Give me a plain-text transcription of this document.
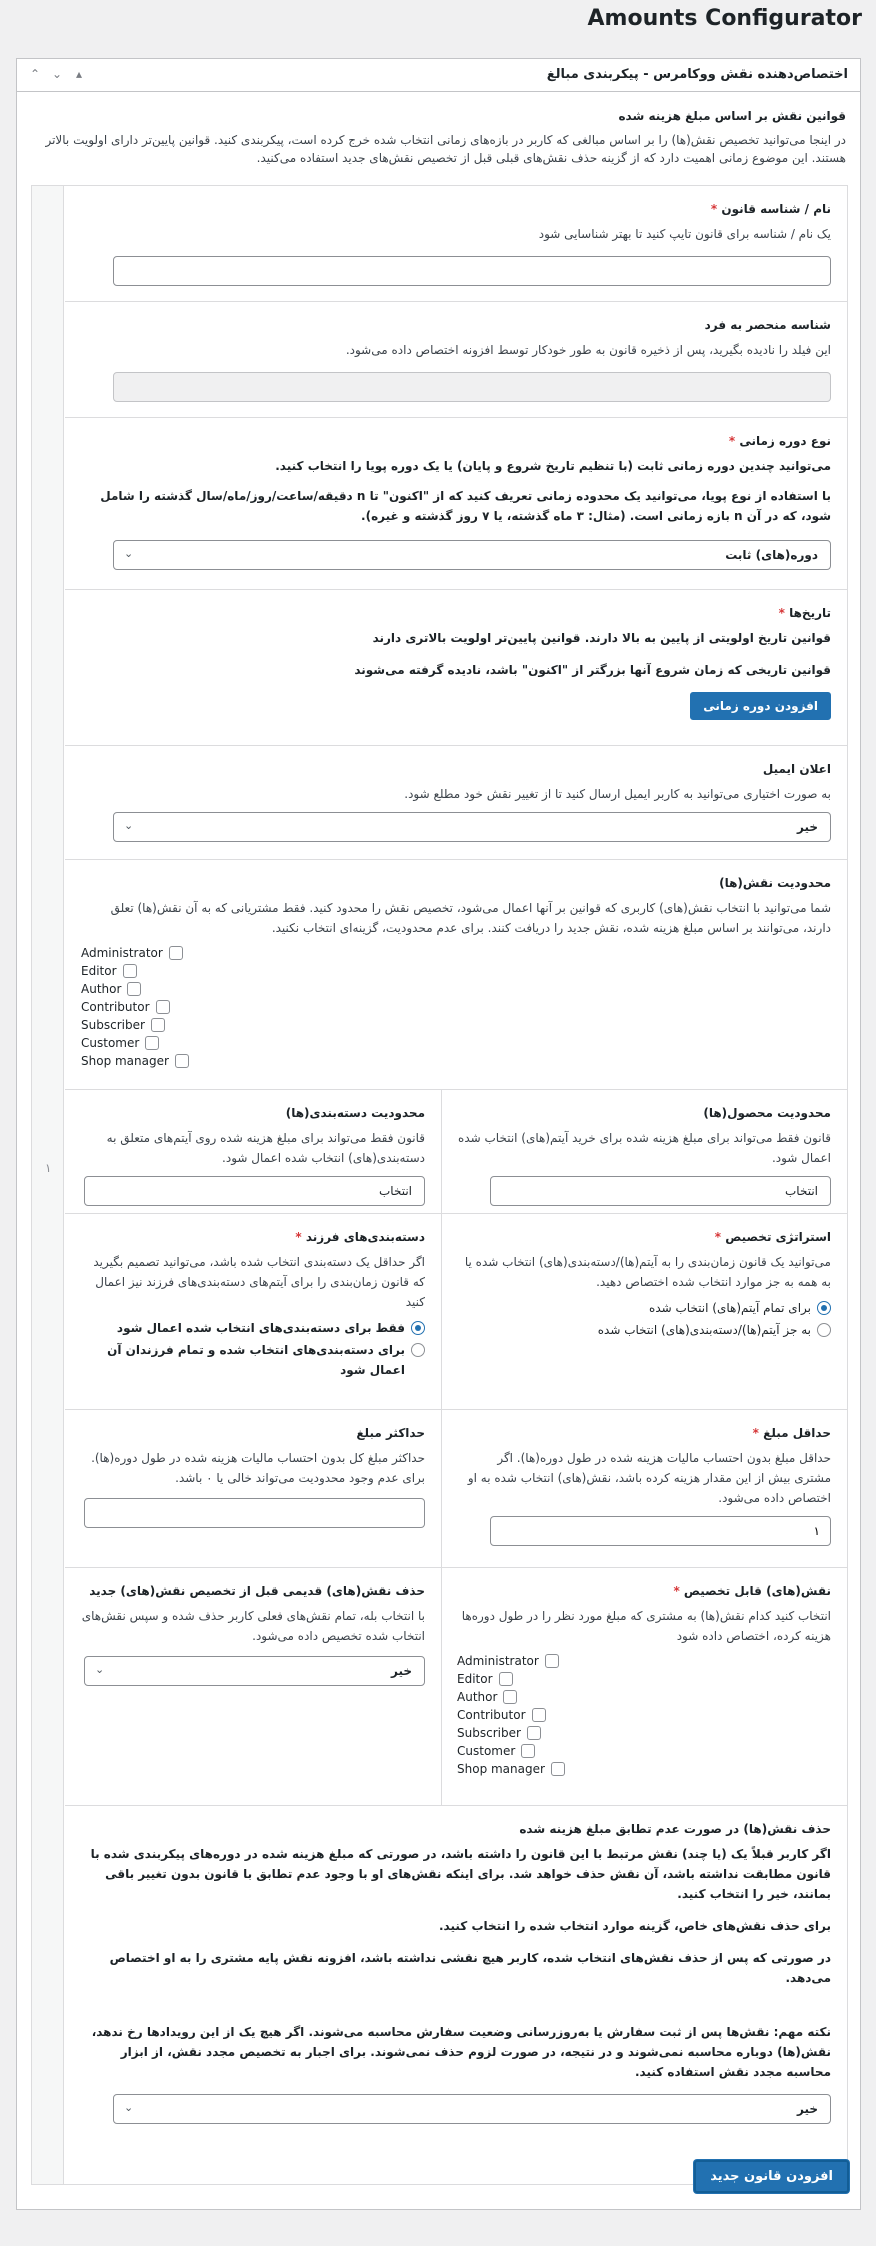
Amounts Configurator
⌃ ⌄	▴	اختصاص‌دهنده نقش ووکامرس - پیکربندی مبالغ
قوانین نقش بر اساس مبلغ هزینه شده
در اینجا می‌توانید تخصیص نقش(ها) را بر اساس مبالغی که کاربر در بازه‌های زمانی انتخاب شده خرج کرده است، پیکربندی کنید. قوانین پایین‌تر دارای اولویت بالاتر هستند. این موضوع زمانی اهمیت دارد که از گزینه حذف نقش‌های قبلی قبل از تخصیص نقش‌های جدید استفاده می‌کنید.
۱
نام / شناسه قانون *
یک نام / شناسه برای قانون تایپ کنید تا بهتر شناسایی شود
شناسه منحصر به فرد
این فیلد را نادیده بگیرید، پس از ذخیره قانون به طور خودکار توسط افزونه اختصاص داده می‌شود.
نوع دوره زمانی *
می‌توانید چندین دوره زمانی ثابت (با تنظیم تاریخ شروع و پایان) یا یک دوره پویا را انتخاب کنید.
با استفاده از نوع پویا، می‌توانید یک محدوده زمانی تعریف کنید که از "اکنون" تا n دقیقه/ساعت/روز/ماه/سال گذشته را شامل شود، که در آن n بازه زمانی است. (مثال: ۳ ماه گذشته، یا ۷ روز گذشته و غیره).
دوره(های) ثابت
⌄
تاریخ‌ها *
قوانین تاریخ اولویتی از پایین به بالا دارند. قوانین پایین‌تر اولویت بالاتری دارند
قوانین تاریخی که زمان شروع آنها بزرگتر از "اکنون" باشد، نادیده گرفته می‌شوند
افزودن دوره زمانی
اعلان ایمیل
به صورت اختیاری می‌توانید به کاربر ایمیل ارسال کنید تا از تغییر نقش خود مطلع شود.
خیر
⌄
محدودیت نقش(ها)
شما می‌توانید با انتخاب نقش(های) کاربری که قوانین بر آنها اعمال می‌شود، تخصیص نقش را محدود کنید. فقط مشتریانی که به آن نقش(ها) تعلق دارند، می‌توانند بر اساس مبلغ هزینه شده، نقش جدید را دریافت کنند. برای عدم محدودیت، گزینه‌ای انتخاب نکنید.
Administrator
Editor
Author
Contributor
Subscriber
Customer
Shop manager
محدودیت محصول(ها)
قانون فقط می‌تواند برای مبلغ هزینه شده برای خرید آیتم(های) انتخاب شده اعمال شود.
انتخاب
محدودیت دسته‌بندی(ها)
قانون فقط می‌تواند برای مبلغ هزینه شده روی آیتم‌های متعلق به دسته‌بندی(های) انتخاب شده اعمال شود.
انتخاب
استراتژی تخصیص *
می‌توانید یک قانون زمان‌بندی را به آیتم(ها)/دسته‌بندی(های) انتخاب شده یا به همه به جز موارد انتخاب شده اختصاص دهید.
برای تمام آیتم(های) انتخاب شده
به جز آیتم(ها)/دسته‌بندی(های) انتخاب شده
دسته‌بندی‌های فرزند *
اگر حداقل یک دسته‌بندی انتخاب شده باشد، می‌توانید تصمیم بگیرید که قانون زمان‌بندی را برای آیتم‌های دسته‌بندی‌های فرزند نیز اعمال کنید
فقط برای دسته‌بندی‌های انتخاب شده اعمال شود
برای دسته‌بندی‌های انتخاب شده و تمام فرزندان آن اعمال شود
حداقل مبلغ *
حداقل مبلغ بدون احتساب مالیات هزینه شده در طول دوره(ها). اگر مشتری بیش از این مقدار هزینه کرده باشد، نقش(های) انتخاب شده به او اختصاص داده می‌شود.
۱
حداکثر مبلغ
حداکثر مبلغ کل بدون احتساب مالیات هزینه شده در طول دوره(ها). برای عدم وجود محدودیت می‌تواند خالی یا ۰ باشد.
نقش(های) قابل تخصیص *
انتخاب کنید کدام نقش(ها) به مشتری که مبلغ مورد نظر را در طول دوره‌ها هزینه کرده، اختصاص داده شود
Administrator
Editor
Author
Contributor
Subscriber
Customer
Shop manager
حذف نقش(های) قدیمی قبل از تخصیص نقش(های) جدید
با انتخاب بله، تمام نقش‌های فعلی کاربر حذف شده و سپس نقش‌های انتخاب شده تخصیص داده می‌شود.
خیر
⌄
حذف نقش(ها) در صورت عدم تطابق مبلغ هزینه شده
اگر کاربر قبلاً یک (یا چند) نقش مرتبط با این قانون را داشته باشد، در صورتی که مبلغ هزینه شده در دوره‌های پیکربندی شده با قانون مطابقت نداشته باشد، آن نقش حذف خواهد شد. برای اینکه نقش‌های او با وجود عدم تطابق با قانون بدون تغییر باقی بمانند، خیر را انتخاب کنید.
برای حذف نقش‌های خاص، گزینه موارد انتخاب شده را انتخاب کنید.
در صورتی که پس از حذف نقش‌های انتخاب شده، کاربر هیچ نقشی نداشته باشد، افزونه نقش پایه مشتری را به او اختصاص می‌دهد.
نکته مهم: نقش‌ها پس از ثبت سفارش یا به‌روزرسانی وضعیت سفارش محاسبه می‌شوند. اگر هیچ یک از این رویدادها رخ ندهد، نقش(ها) دوباره محاسبه نمی‌شوند و در نتیجه، در صورت لزوم حذف نمی‌شوند. برای اجبار به تخصیص مجدد نقش، از ابزار محاسبه مجدد نقش استفاده کنید.
خیر
⌄
افزودن قانون جدید
